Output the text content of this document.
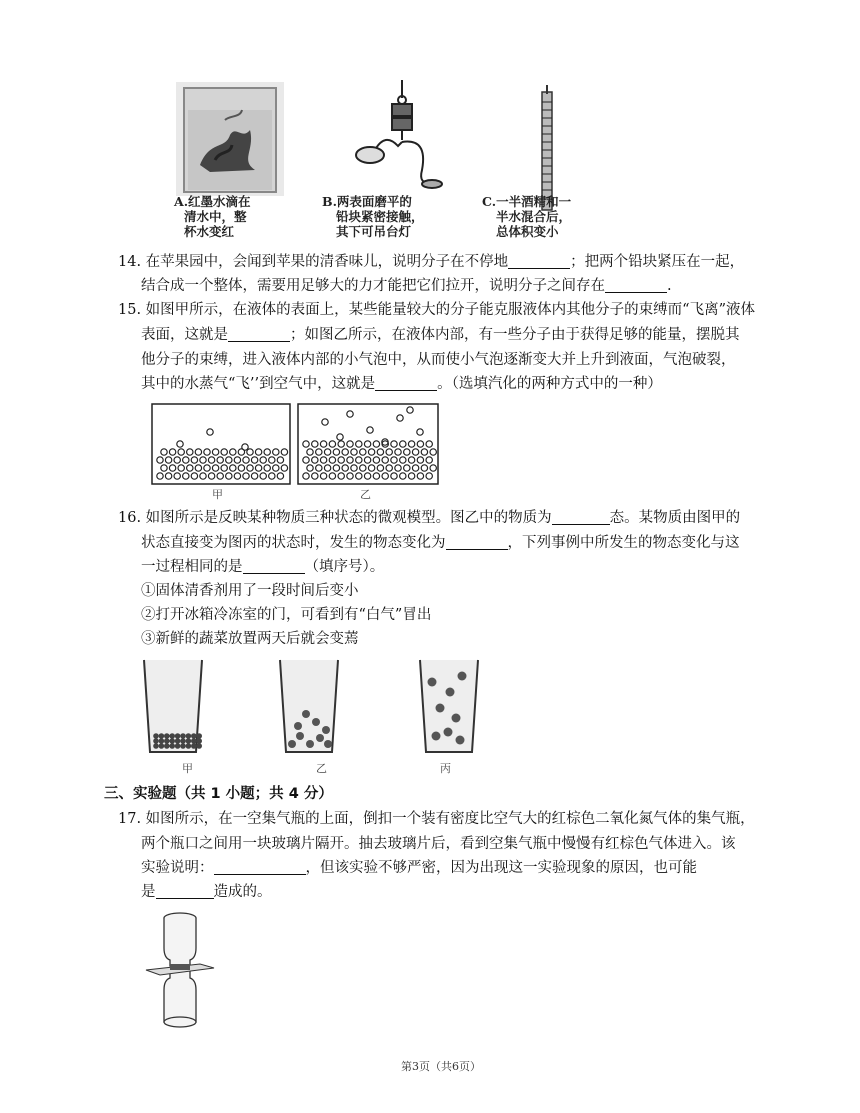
A.红墨水滴在
清水中，整
杯水变红
B.两表面磨平的
铅块紧密接触，
其下可吊台灯
C.一半酒精和一
半水混合后，
总体积变小
14. 在苹果园中，会闻到苹果的清香味儿，说明分子在不停地	；把两个铅块紧压在一起，
结合成一个整体，需要用足够大的力才能把它们拉开，说明分子之间存在	.
15. 如图甲所示，在液体的表面上，某些能量较大的分子能克服液体内其他分子的束缚而“飞离”液体
表面，这就是	；如图乙所示，在液体内部，有一些分子由于获得足够的能量，摆脱其
他分子的束缚，进入液体内部的小气泡中，从而使小气泡逐渐变大并上升到液面，气泡破裂，
其中的水蒸气“飞’’到空气中，这就是	。（选填汽化的两种方式中的一种）
甲	乙
16. 如图所示是反映某种物质三种状态的微观模型。图乙中的物质为	态。某物质由图甲的
状态直接变为图丙的状态时，发生的物态变化为	，下列事例中所发生的物态变化与这
一过程相同的是	（填序号）。
①固体清香剂用了一段时间后变小
②打开冰箱冷冻室的门，可看到有“白气”冒出
③新鲜的蔬菜放置两天后就会变蔫
甲	乙	丙
三、实验题（共 1 小题；共 4 分）
17. 如图所示，在一空集气瓶的上面，倒扣一个装有密度比空气大的红棕色二氧化氮气体的集气瓶，
两个瓶口之间用一块玻璃片隔开。抽去玻璃片后，看到空集气瓶中慢慢有红棕色气体进入。该
实验说明：	，但该实验不够严密，因为出现这一实验现象的原因，也可能
是	造成的。
第3页（共6页）
